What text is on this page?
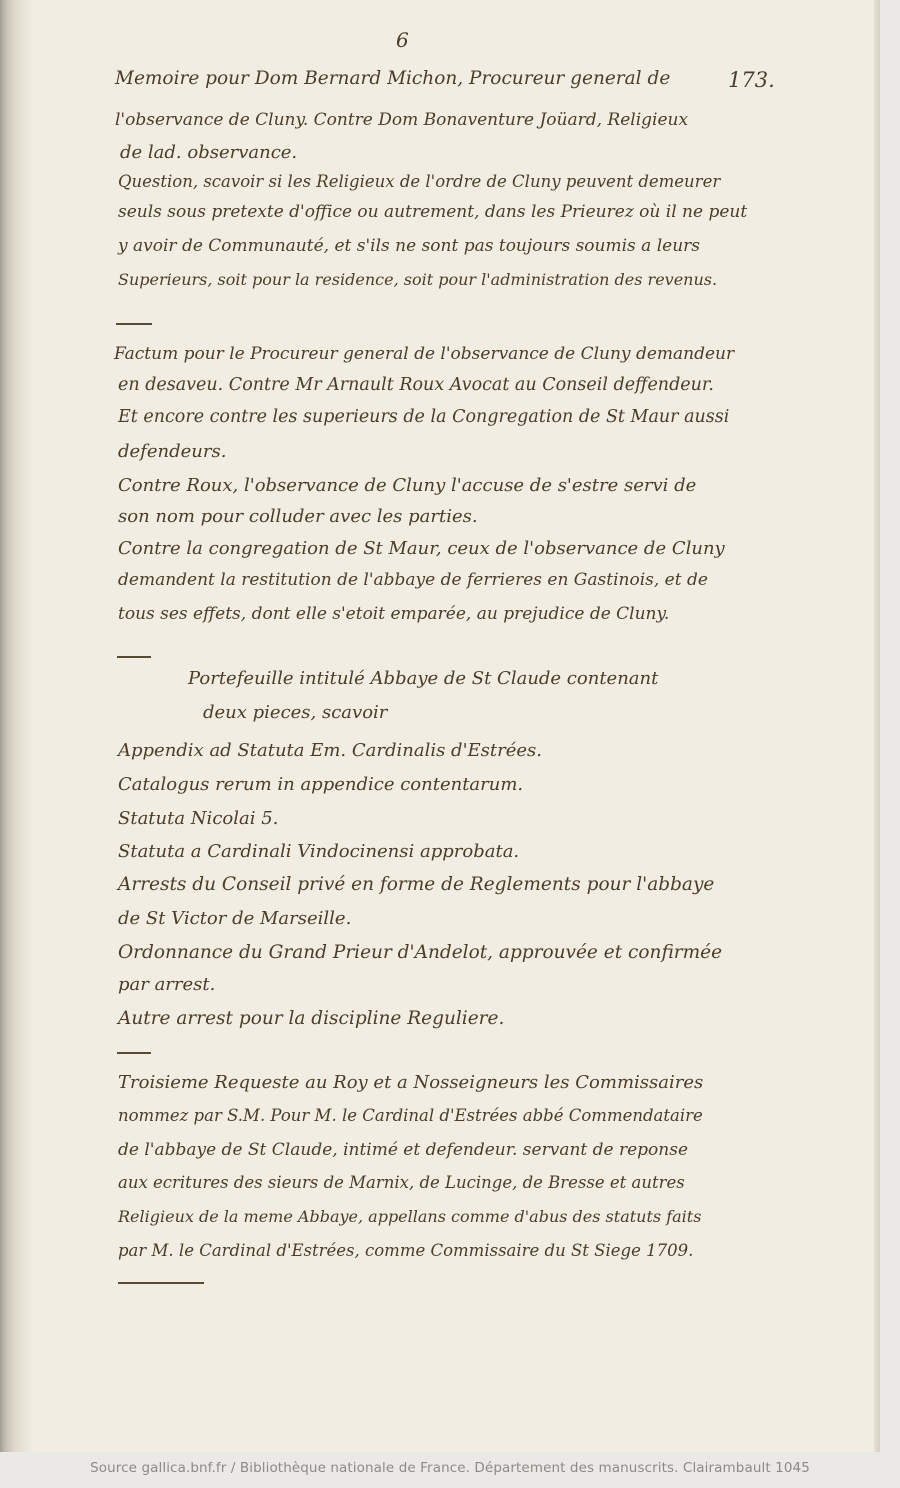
6
173.
Memoire pour Dom Bernard Michon, Procureur general de
l'observance de Cluny. Contre Dom Bonaventure Joüard, Religieux
de lad. observance.
Question, scavoir si les Religieux de l'ordre de Cluny peuvent demeurer
seuls sous pretexte d'office ou autrement, dans les Prieurez où il ne peut
y avoir de Communauté, et s'ils ne sont pas toujours soumis a leurs
Superieurs, soit pour la residence, soit pour l'administration des revenus.
Factum pour le Procureur general de l'observance de Cluny demandeur
en desaveu. Contre Mr Arnault Roux Avocat au Conseil deffendeur.
Et encore contre les superieurs de la Congregation de St Maur aussi
defendeurs.
Contre Roux, l'observance de Cluny l'accuse de s'estre servi de
son nom pour colluder avec les parties.
Contre la congregation de St Maur, ceux de l'observance de Cluny
demandent la restitution de l'abbaye de ferrieres en Gastinois, et de
tous ses effets, dont elle s'etoit emparée, au prejudice de Cluny.
Portefeuille intitulé Abbaye de St Claude contenant
deux pieces, scavoir
Appendix ad Statuta Em. Cardinalis d'Estrées.
Catalogus rerum in appendice contentarum.
Statuta Nicolai 5.
Statuta a Cardinali Vindocinensi approbata.
Arrests du Conseil privé en forme de Reglements pour l'abbaye
de St Victor de Marseille.
Ordonnance du Grand Prieur d'Andelot, approuvée et confirmée
par arrest.
Autre arrest pour la discipline Reguliere.
Troisieme Requeste au Roy et a Nosseigneurs les Commissaires
nommez par S.M. Pour M. le Cardinal d'Estrées abbé Commendataire
de l'abbaye de St Claude, intimé et defendeur. servant de reponse
aux ecritures des sieurs de Marnix, de Lucinge, de Bresse et autres
Religieux de la meme Abbaye, appellans comme d'abus des statuts faits
par M. le Cardinal d'Estrées, comme Commissaire du St Siege 1709.
Source gallica.bnf.fr / Bibliothèque nationale de France. Département des manuscrits. Clairambault 1045
